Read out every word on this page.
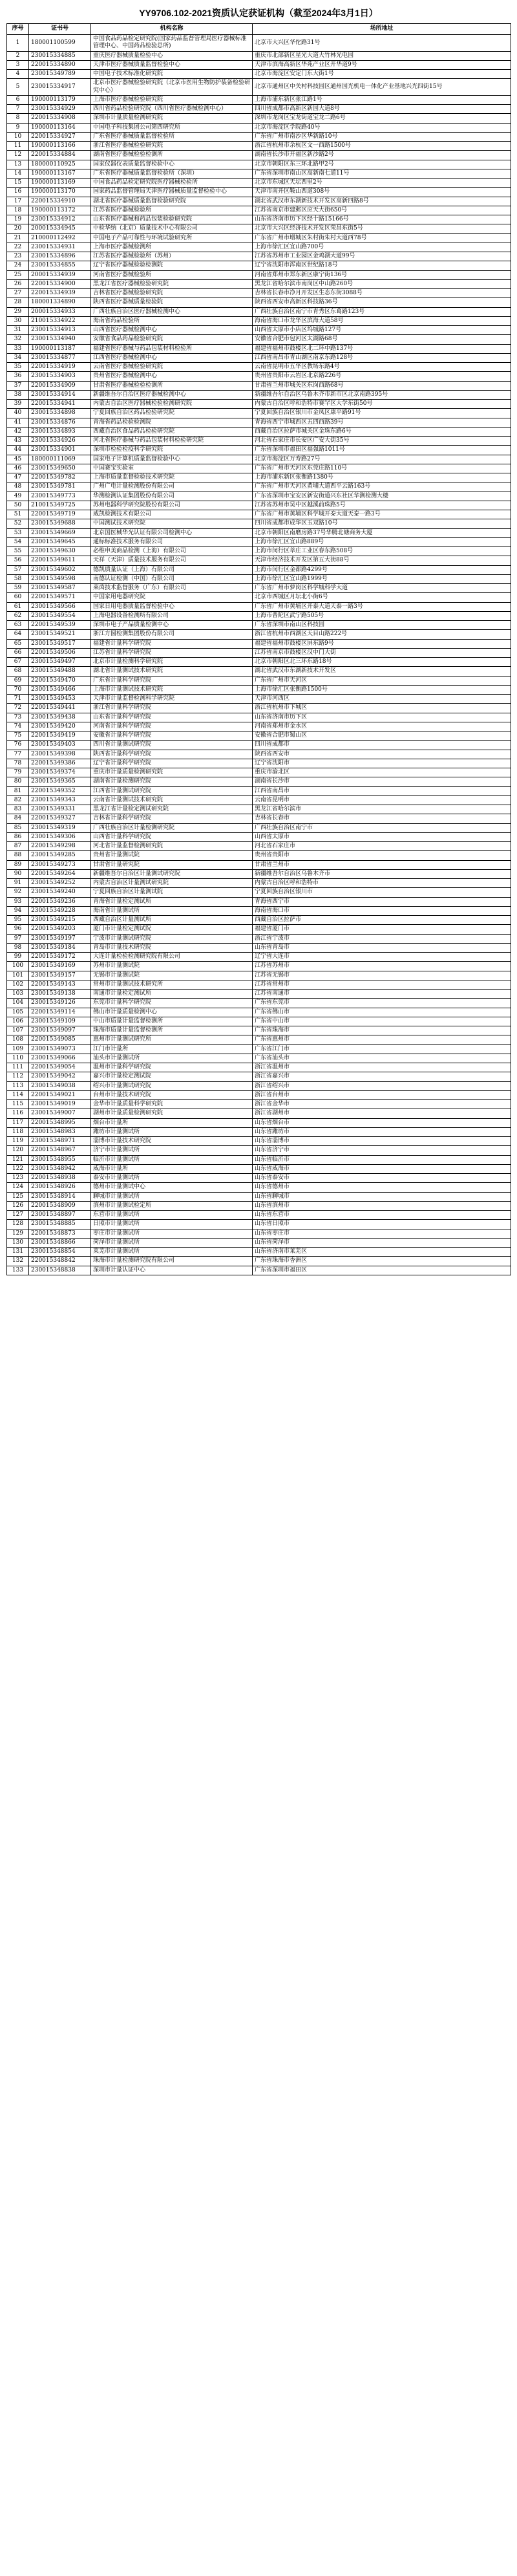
YY9706.102-2021资质认定获证机构（截至2024年3月1日）
序号	证书号	机构名称	场所地址
1	180001100599	中国食品药品检定研究院(国家药品监督管理局医疗器械标准管理中心、中国药品检验总所)	北京市大兴区华佗路31号
2	230015334885	重庆医疗器械质量检验中心	重庆市北部新区星光大道大竹林光电园
3	220015334890	天津市医疗器械质量监督检验中心	天津市滨海高新区华苑产业区开华道9号
4	230015349789	中国电子技术标准化研究院	北京市海淀区安定门东大街1号
5	230015334917	北京市医疗器械检验研究院（北京市医用生物防护装备检验研究中心）	北京市通州区中关村科技园区通州园光机电一体化产业基地兴光四街15号
6	190000113179	上海市医疗器械检验研究院	上海市浦东新区张江路1号
7	230015334929	四川省药品检验研究院（四川省医疗器械检测中心）	四川省成都市高新区新园大道8号
8	220015334908	深圳市计量质量检测研究院	深圳市龙岗区宝龙街道宝龙二路6号
9	190000113164	中国电子科技集团公司第四研究所	北京市海淀区学院路40号
10	220015334927	广东省医疗器械质量监督检验所	广东省广州市南沙区华新路10号
11	190000113166	浙江省医疗器械检验研究院	浙江省杭州市余杭区文一西路1500号
12	220015334884	湖南省医疗器械检验检测所	湖南省长沙市开福区新沙路2号
13	180000110925	国家仪器仪表质量监督检验中心	北京市朝阳区东三环北路甲2号
14	190000113167	广东省医疗器械质量监督检验所（深圳）	广东省深圳市南山区高新南七道11号
15	190000113169	中国食品药品检定研究院医疗器械检验所	北京市东城区天坛西里2号
16	190000113170	国家药品监督管理局天津医疗器械质量监督检验中心	天津市南开区鞍山西道308号
17	220015334910	湖北省医疗器械质量监督检验研究院	湖北省武汉市东湖新技术开发区高新四路8号
18	190000113172	江苏省医疗器械检验所	江苏省南京市建邺区应天大街650号
19	230015334912	山东省医疗器械和药品包装检验研究院	山东省济南市历下区经十路15166号
20	200015334945	中检华纳（北京）质量技术中心有限公司	北京市大兴区经济技术开发区荣昌东街5号
21	210000112492	中国电子产品可靠性与环境试验研究所	广东省广州市增城区朱村街朱村大道西78号
22	230015334931	上海市医疗器械检测所	上海市徐汇区宜山路700号
23	230015334896	江苏省医疗器械检验所（苏州）	江苏省苏州市工业园区金鸡湖大道99号
24	230015334855	辽宁省医疗器械检验检测院	辽宁省沈阳市浑南区世纪路18号
25	200015334939	河南省医疗器械检验所	河南省郑州市郑东新区康宁街136号
26	220015334900	黑龙江省医疗器械检验研究院	黑龙江省哈尔滨市南岗区中山路260号
27	220015334939	吉林省医疗器械检验研究院	吉林省长春市净月开发区生态东街3088号
28	180001334890	陕西省医疗器械质量检验院	陕西省西安市高新区科技路36号
29	200015334933	广西壮族自治区医疗器械检测中心	广西壮族自治区南宁市青秀区东葛路123号
30	210015334922	海南省药品检验所	海南省海口市龙华区滨海大道58号
31	230015334913	山西省医疗器械检测中心	山西省太原市小店区坞城路127号
32	230015334940	安徽省食品药品检验研究院	安徽省合肥市包河区太湖路68号
33	190000113187	福建省医疗器械与药品包装材料检验所	福建省福州市鼓楼区北二环中路137号
34	230015334877	江西省医疗器械检测中心	江西省南昌市青山湖区南京东路128号
35	220015334919	云南省医疗器械检验研究院	云南省昆明市五华区教场东路4号
36	230015334903	贵州省医疗器械检测中心	贵州省贵阳市云岩区北京路226号
37	220015334909	甘肃省医疗器械检验检测所	甘肃省兰州市城关区东岗西路68号
38	230015334914	新疆维吾尔自治区医疗器械检测中心	新疆维吾尔自治区乌鲁木齐市新市区北京南路395号
39	220015334941	内蒙古自治区医疗器械检验检测研究院	内蒙古自治区呼和浩特市赛罕区大学东街50号
40	230015334898	宁夏回族自治区药品检验研究院	宁夏回族自治区银川市金凤区康平路91号
41	230015334876	青海省药品检验检测院	青海省西宁市城西区五四西路39号
42	230015334893	西藏自治区食品药品检验研究院	西藏自治区拉萨市城关区金珠东路6号
43	230015334926	河北省医疗器械与药品包装材料检验研究院	河北省石家庄市长安区广安大街35号
44	230015334901	深圳市检验检疫科学研究院	广东省深圳市福田区福强路1011号
45	180000111069	国家电子计算机质量监督检验中心	北京市海淀区万寿路27号
46	230015349650	中国赛宝实验室	广东省广州市天河区东莞庄路110号
47	220015349782	上海市质量监督检验技术研究院	上海市浦东新区张衡路1380号
48	230015349781	广州广电计量检测股份有限公司	广东省广州市天河区黄埔大道西平云路163号
49	230015349773	华测检测认证集团股份有限公司	广东省深圳市宝安区新安街道兴东社区华测检测大楼
50	210015349725	苏州电器科学研究院股份有限公司	江苏省苏州市吴中区越溪前珠路5号
51	220015349719	威凯检测技术有限公司	广东省广州市黄埔区科学城开泰大道天泰一路3号
52	230015349688	中国测试技术研究院	四川省成都市成华区玉双路10号
53	230015349669	北京国医械华光认证有限公司检测中心	北京市朝阳区南磨房路37号华腾北塘商务大厦
54	230015349645	通标标准技术服务有限公司	上海市徐汇区宜山路889号
55	230015349630	必维申美商品检测（上海）有限公司	上海市闵行区莘庄工业区春东路508号
56	220015349611	天祥（天津）质量技术服务有限公司	天津市经济技术开发区第五大街88号
57	230015349602	德凯质量认证（上海）有限公司	上海市闵行区金都路4299号
58	230015349598	南德认证检测（中国）有限公司	上海市徐汇区宜山路1999号
59	230015349587	莱茵技术监督服务（广东）有限公司	广东省广州市萝岗区科学城科学大道
60	220015349571	中国家用电器研究院	北京市西城区月坛北小街6号
61	230015349566	国家日用电器质量监督检验中心	广东省广州市黄埔区开泰大道天泰一路3号
62	230015349554	上海电器设备检测所有限公司	上海市普陀区武宁路505号
63	220015349539	深圳市电子产品质量检测中心	广东省深圳市南山区科技园
64	230015349521	浙江方圆检测集团股份有限公司	浙江省杭州市西湖区天目山路222号
65	230015349517	福建省计量科学研究院	福建省福州市鼓楼区屏东路9号
66	220015349506	江苏省计量科学研究院	江苏省南京市鼓楼区汉中门大街
67	230015349497	北京市计量检测科学研究院	北京市朝阳区北三环东路18号
68	230015349488	湖北省计量测试技术研究院	湖北省武汉市东湖新技术开发区
69	220015349470	广东省计量科学研究院	广东省广州市天河区
70	230015349466	上海市计量测试技术研究院	上海市徐汇区张衡路1500号
71	230015349453	天津市计量监督检测科学研究院	天津市河西区
72	220015349441	浙江省计量科学研究院	浙江省杭州市下城区
73	230015349438	山东省计量科学研究院	山东省济南市历下区
74	230015349420	河南省计量科学研究院	河南省郑州市金水区
75	220015349419	安徽省计量科学研究院	安徽省合肥市蜀山区
76	230015349403	四川省计量测试研究院	四川省成都市
77	230015349398	陕西省计量科学研究院	陕西省西安市
78	220015349386	辽宁省计量科学研究院	辽宁省沈阳市
79	230015349374	重庆市计量质量检测研究院	重庆市渝北区
80	230015349365	湖南省计量检测研究院	湖南省长沙市
81	220015349352	江西省计量测试研究院	江西省南昌市
82	230015349343	云南省计量测试技术研究院	云南省昆明市
83	230015349331	黑龙江省计量检定测试研究院	黑龙江省哈尔滨市
84	220015349327	吉林省计量科学研究院	吉林省长春市
85	230015349319	广西壮族自治区计量检测研究院	广西壮族自治区南宁市
86	230015349306	山西省计量科学研究院	山西省太原市
87	220015349298	河北省计量监督检测研究院	河北省石家庄市
88	230015349285	贵州省计量测试院	贵州省贵阳市
89	230015349273	甘肃省计量研究院	甘肃省兰州市
90	220015349264	新疆维吾尔自治区计量测试研究院	新疆维吾尔自治区乌鲁木齐市
91	230015349252	内蒙古自治区计量测试研究院	内蒙古自治区呼和浩特市
92	230015349240	宁夏回族自治区计量测试院	宁夏回族自治区银川市
93	220015349236	青海省计量检定测试所	青海省西宁市
94	230015349228	海南省计量测试所	海南省海口市
95	230015349215	西藏自治区计量测试所	西藏自治区拉萨市
96	220015349203	厦门市计量检定测试院	福建省厦门市
97	230015349197	宁波市计量测试研究院	浙江省宁波市
98	230015349184	青岛市计量技术研究院	山东省青岛市
99	220015349172	大连计量检验检测研究院有限公司	辽宁省大连市
100	230015349169	苏州市计量测试院	江苏省苏州市
101	230015349157	无锡市计量测试院	江苏省无锡市
102	220015349143	常州市计量测试技术研究所	江苏省常州市
103	230015349138	南通市计量检定测试所	江苏省南通市
104	230015349126	东莞市计量科学研究院	广东省东莞市
105	220015349114	佛山市计量质量检测中心	广东省佛山市
106	230015349109	中山市质量计量监督检测所	广东省中山市
107	230015349097	珠海市质量计量监督检测所	广东省珠海市
108	220015349085	惠州市计量测试研究所	广东省惠州市
109	230015349073	江门市计量所	广东省江门市
110	230015349066	汕头市计量测试所	广东省汕头市
111	220015349054	温州市计量科学研究院	浙江省温州市
112	230015349042	嘉兴市计量检定测试院	浙江省嘉兴市
113	230015349038	绍兴市计量测试研究院	浙江省绍兴市
114	220015349021	台州市计量技术研究院	浙江省台州市
115	230015349019	金华市计量质量科学研究院	浙江省金华市
116	230015349007	湖州市计量质量检测研究院	浙江省湖州市
117	220015348995	烟台市计量所	山东省烟台市
118	230015348983	潍坊市计量测试所	山东省潍坊市
119	230015348971	淄博市计量技术研究院	山东省淄博市
120	220015348967	济宁市计量测试所	山东省济宁市
121	230015348955	临沂市计量测试所	山东省临沂市
122	230015348942	威海市计量所	山东省威海市
123	220015348938	泰安市计量测试所	山东省泰安市
124	230015348926	德州市计量测试中心	山东省德州市
125	230015348914	聊城市计量测试所	山东省聊城市
126	220015348909	滨州市计量测试检定所	山东省滨州市
127	230015348897	东营市计量测试所	山东省东营市
128	230015348885	日照市计量测试所	山东省日照市
129	220015348873	枣庄市计量测试所	山东省枣庄市
130	230015348866	菏泽市计量测试所	山东省菏泽市
131	230015348854	莱芜市计量测试所	山东省济南市莱芜区
132	220015348842	珠海市计量检测研究院有限公司	广东省珠海市香洲区
133	230015348838	深圳市计量认证中心	广东省深圳市福田区
